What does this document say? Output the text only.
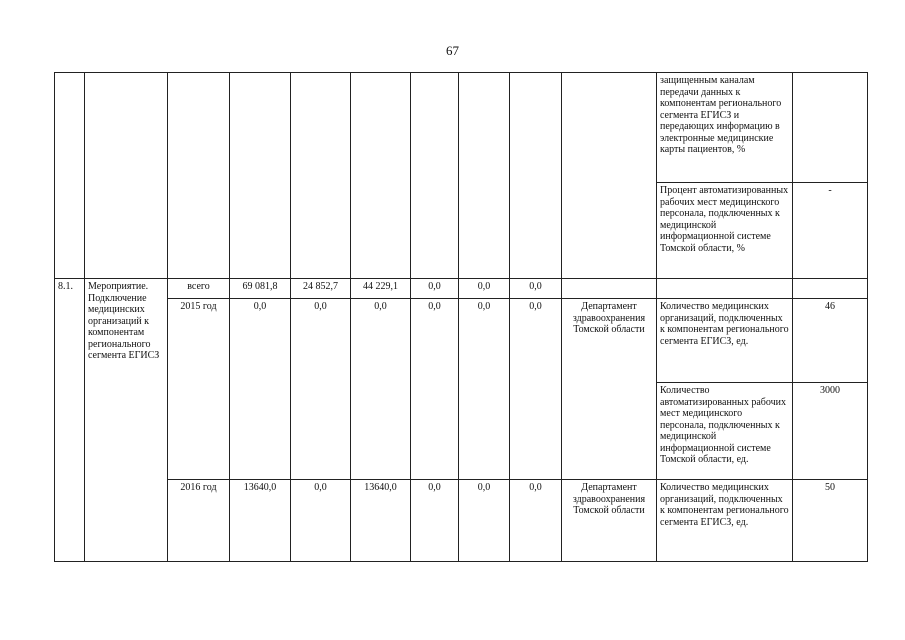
67
										защищенным каналам передачи данных к компонентам регионального сегмента ЕГИСЗ и передающих информацию в электронные медицинские карты пациентов, %	
										Процент автоматизированных рабочих мест медицинского персонала, подключенных к медицинской информационной системе Томской области, %	-
8.1.	Мероприятие. Подключение медицинских организаций к компонентам регионального сегмента ЕГИСЗ	всего	69 081,8	24 852,7	44 229,1	0,0	0,0	0,0			
		2015 год	0,0	0,0	0,0	0,0	0,0	0,0	Департамент здравоохранения Томской области	Количество медицинских организаций, подключенных к компонентам регионального сегмента ЕГИСЗ, ед.	46
										Количество автоматизированных рабочих мест медицинского персонала, подключенных к медицинской информационной системе Томской области, ед.	3000
		2016 год	13640,0	0,0	13640,0	0,0	0,0	0,0	Департамент здравоохранения Томской области	Количество медицинских организаций, подключенных к компонентам регионального сегмента ЕГИСЗ, ед.	50
